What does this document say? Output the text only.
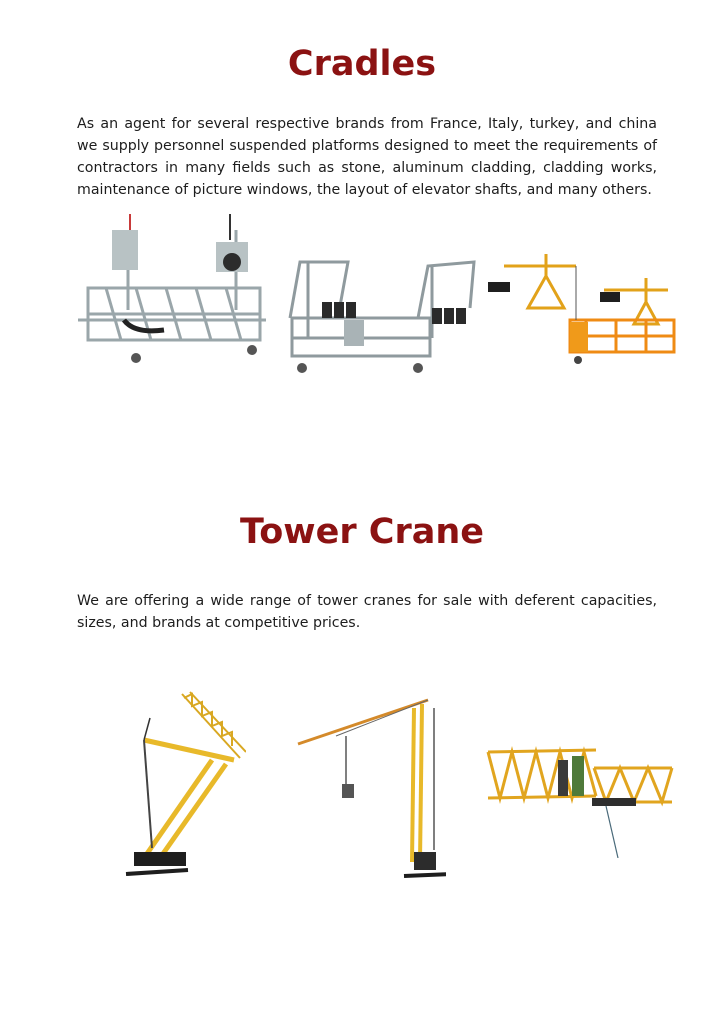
Cradles

As an agent for several respective brands from France, Italy, turkey, and china we supply personnel suspended platforms designed to meet the requirements of contractors in many fields such as stone, aluminum cladding, cladding works, maintenance of picture windows, the layout of elevator shafts, and many others.

Tower Crane

We are offering a wide range of tower cranes for sale with deferent capacities, sizes, and brands at competitive prices.
